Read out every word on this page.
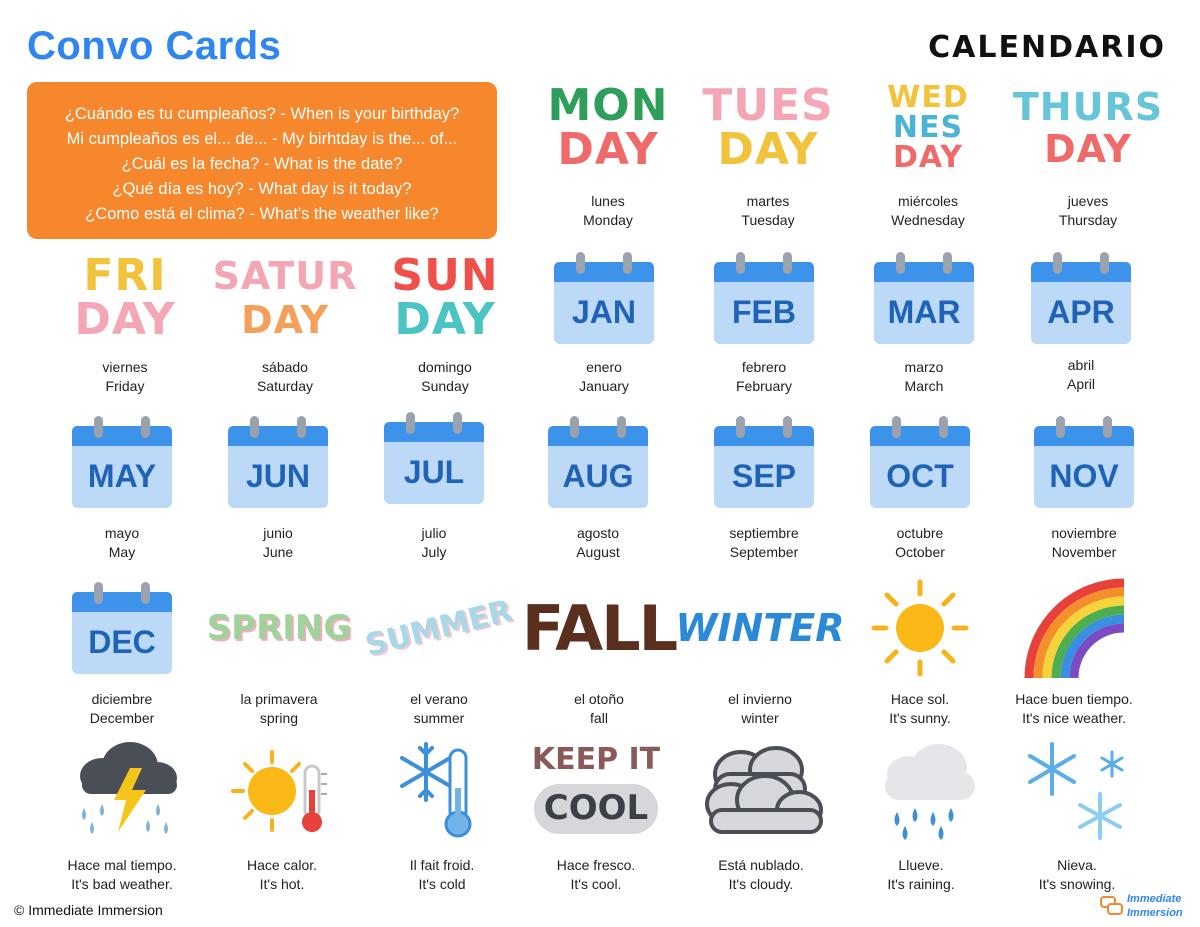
Convo Cards	CALENDARIO
¿Cuándo es tu cumpleaños? - When is your birthday?
Mi cumpleaños es el... de... - My birhtday is the... of...
¿Cuál es la fecha? - What is the date?
¿Qué día es hoy? - What day is it today?
¿Como está el clima? - What's the weather like?
MON
DAY
lunes
Monday
TUES
DAY
martes
Tuesday
WED
NES
DAY
miércoles
Wednesday
THURS
DAY
jueves
Thursday
FRI
DAY
viernes
Friday
SATUR
DAY
sábado
Saturday
SUN
DAY
domingo
Sunday
JAN
enero
January
FEB
febrero
February
MAR
marzo
March
APR
abril
April
MAY
mayo
May
JUN
junio
June
JUL
julio
July
AUG
agosto
August
SEP
septiembre
September
OCT
octubre
October
NOV
noviembre
November
DEC
diciembre
December
SPRING
la primavera
spring
SUMMER
el verano
summer
FALL
el otoño
fall
WINTER
el invierno
winter
Hace sol.
It's sunny.
Hace buen tiempo.
It's nice weather.
Hace mal tiempo.
It's bad weather.
Hace calor.
It's hot.
Il fait froid.
It's cold
KEEP IT
COOL
Hace fresco.
It's cool.
Está nublado.
It's cloudy.
Llueve.
It's raining.
Nieva.
It's snowing.
© Immediate Immersion
Immediate
Immersion
